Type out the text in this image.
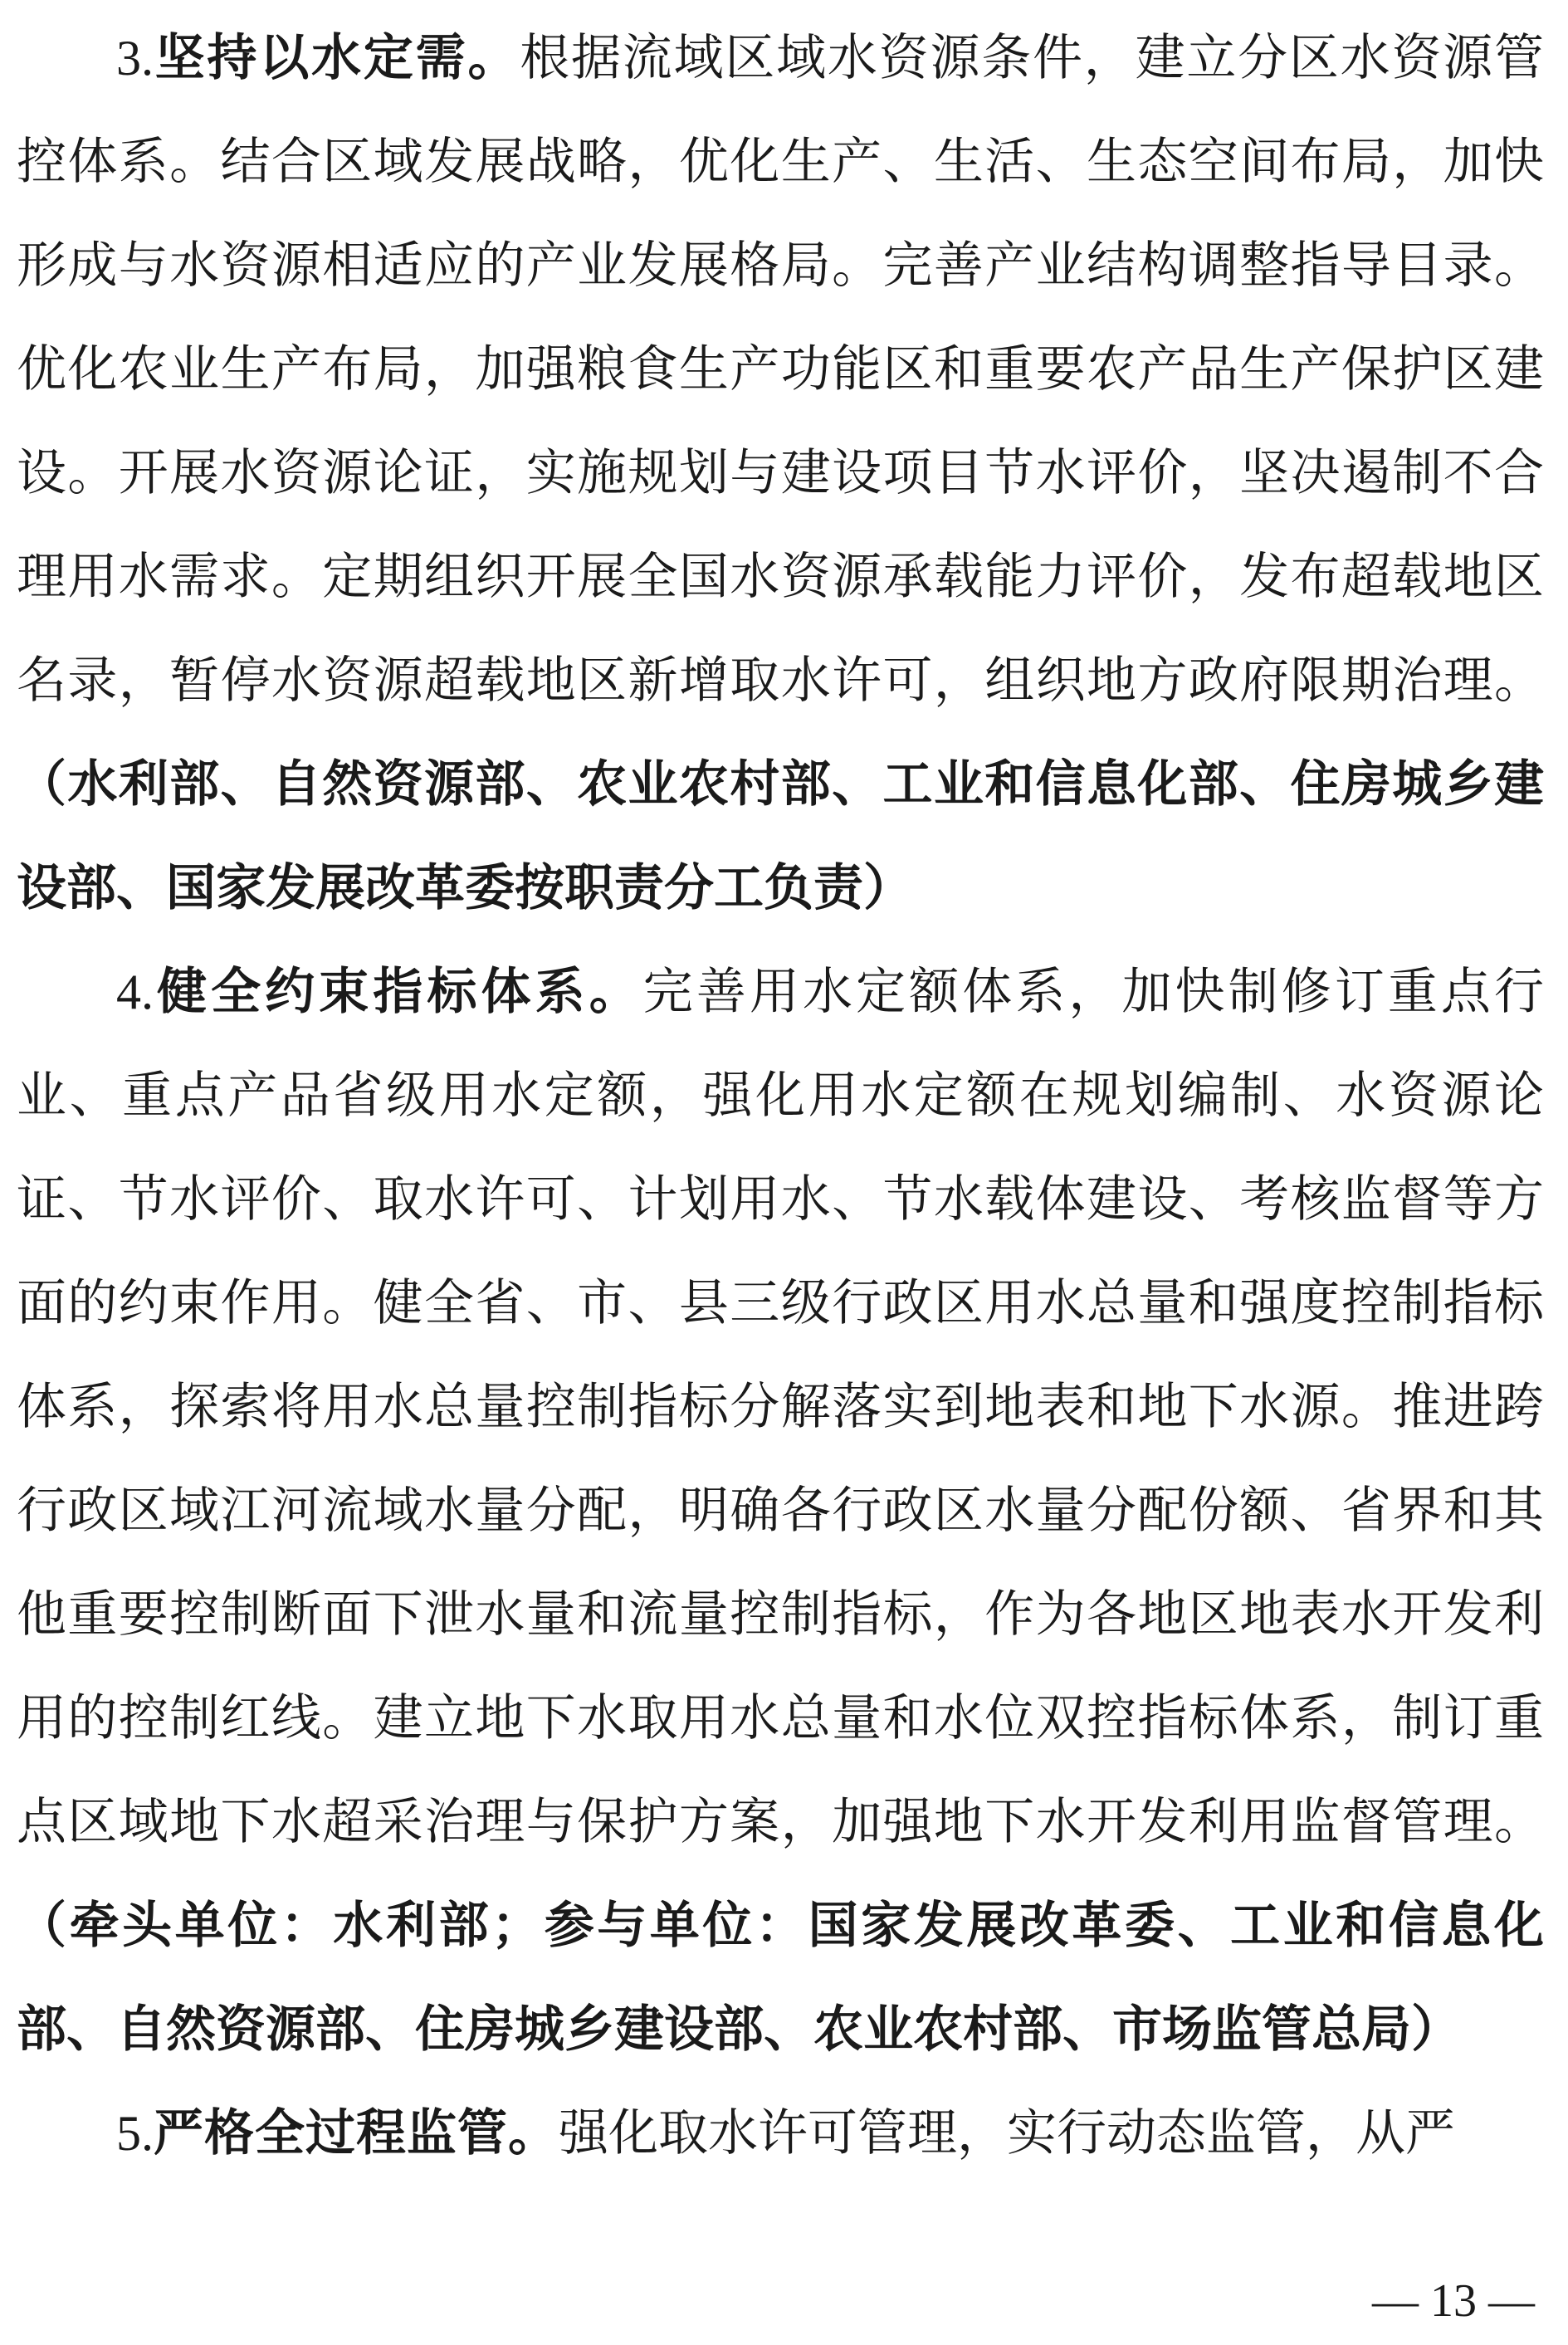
3.坚持以水定需。根据流域区域水资源条件，建立分区水资源管控体系。结合区域发展战略，优化生产、生活、生态空间布局，加快形成与水资源相适应的产业发展格局。完善产业结构调整指导目录。优化农业生产布局，加强粮食生产功能区和重要农产品生产保护区建设。开展水资源论证，实施规划与建设项目节水评价，坚决遏制不合理用水需求。定期组织开展全国水资源承载能力评价，发布超载地区名录，暂停水资源超载地区新增取水许可，组织地方政府限期治理。（水利部、自然资源部、农业农村部、工业和信息化部、住房城乡建设部、国家发展改革委按职责分工负责）

4.健全约束指标体系。完善用水定额体系，加快制修订重点行业、重点产品省级用水定额，强化用水定额在规划编制、水资源论证、节水评价、取水许可、计划用水、节水载体建设、考核监督等方面的约束作用。健全省、市、县三级行政区用水总量和强度控制指标体系，探索将用水总量控制指标分解落实到地表和地下水源。推进跨行政区域江河流域水量分配，明确各行政区水量分配份额、省界和其他重要控制断面下泄水量和流量控制指标，作为各地区地表水开发利用的控制红线。建立地下水取用水总量和水位双控指标体系，制订重点区域地下水超采治理与保护方案，加强地下水开发利用监督管理。（牵头单位：水利部；参与单位：国家发展改革委、工业和信息化部、自然资源部、住房城乡建设部、农业农村部、市场监管总局）

5.严格全过程监管。强化取水许可管理，实行动态监管，从严

— 13 —
